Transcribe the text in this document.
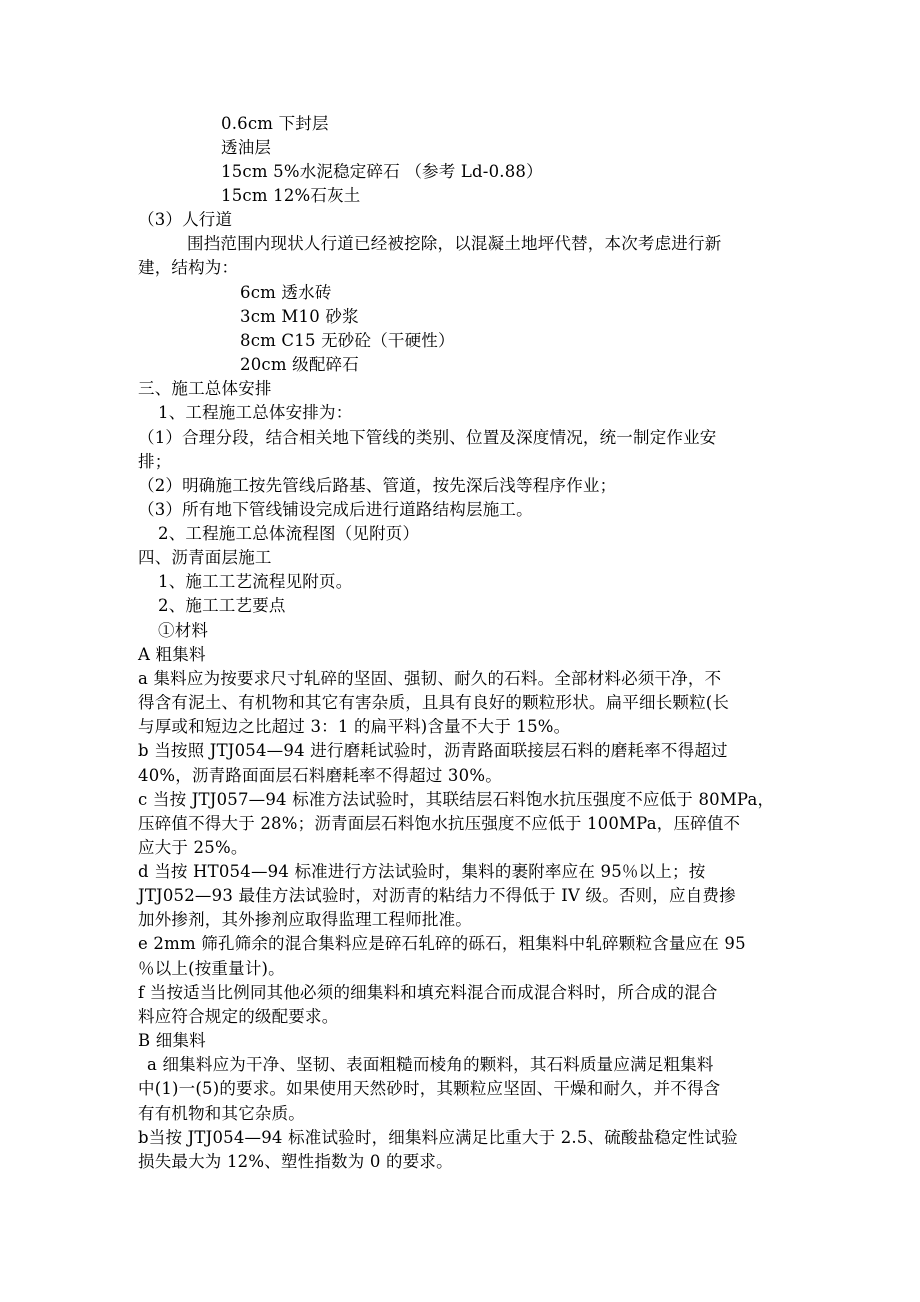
0.6cm 下封层
透油层
15cm 5%水泥稳定碎石 （参考 Ld-0.88）
15cm 12%石灰土
（3）人行道
围挡范围内现状人行道已经被挖除，以混凝土地坪代替，本次考虑进行新
建，结构为：
6cm 透水砖
3cm M10 砂浆
8cm C15 无砂砼（干硬性）
20cm 级配碎石
三、施工总体安排
1、工程施工总体安排为：
（1）合理分段，结合相关地下管线的类别、位置及深度情况，统一制定作业安
排；
（2）明确施工按先管线后路基、管道，按先深后浅等程序作业；
（3）所有地下管线铺设完成后进行道路结构层施工。
2、工程施工总体流程图（见附页）
四、沥青面层施工
1、施工工艺流程见附页。
2、施工工艺要点
①材料
A 粗集料
a 集料应为按要求尺寸轧碎的坚固、强韧、耐久的石料。全部材料必须干净，不
得含有泥土、有机物和其它有害杂质，且具有良好的颗粒形状。扁平细长颗粒(长
与厚或和短边之比超过 3：1 的扁平料)含量不大于 15%。
b 当按照 JTJ054—94 进行磨耗试验时，沥青路面联接层石料的磨耗率不得超过
40%，沥青路面面层石料磨耗率不得超过 30%。
c 当按 JTJ057—94 标准方法试验时，其联结层石料饱水抗压强度不应低于 80MPa，
压碎值不得大于 28%；沥青面层石料饱水抗压强度不应低于 100MPa，压碎值不
应大于 25%。
d 当按 HT054—94 标准进行方法试验时，集料的裹附率应在 95％以上；按
JTJ052—93 最佳方法试验时，对沥青的粘结力不得低于 IV 级。否则，应自费掺
加外掺剂，其外掺剂应取得监理工程师批准。
e 2mm 筛孔筛余的混合集料应是碎石轧碎的砾石，粗集料中轧碎颗粒含量应在 95
％以上(按重量计)。
f 当按适当比例同其他必须的细集料和填充料混合而成混合料时，所合成的混合
料应符合规定的级配要求。
B 细集料
a 细集料应为干净、坚韧、表面粗糙而棱角的颗料，其石料质量应满足粗集料
中(1)一(5)的要求。如果使用天然砂时，其颗粒应坚固、干燥和耐久，并不得含
有有机物和其它杂质。
b当按 JTJ054—94 标准试验时，细集料应满足比重大于 2.5、硫酸盐稳定性试验
损失最大为 12%、塑性指数为 0 的要求。
